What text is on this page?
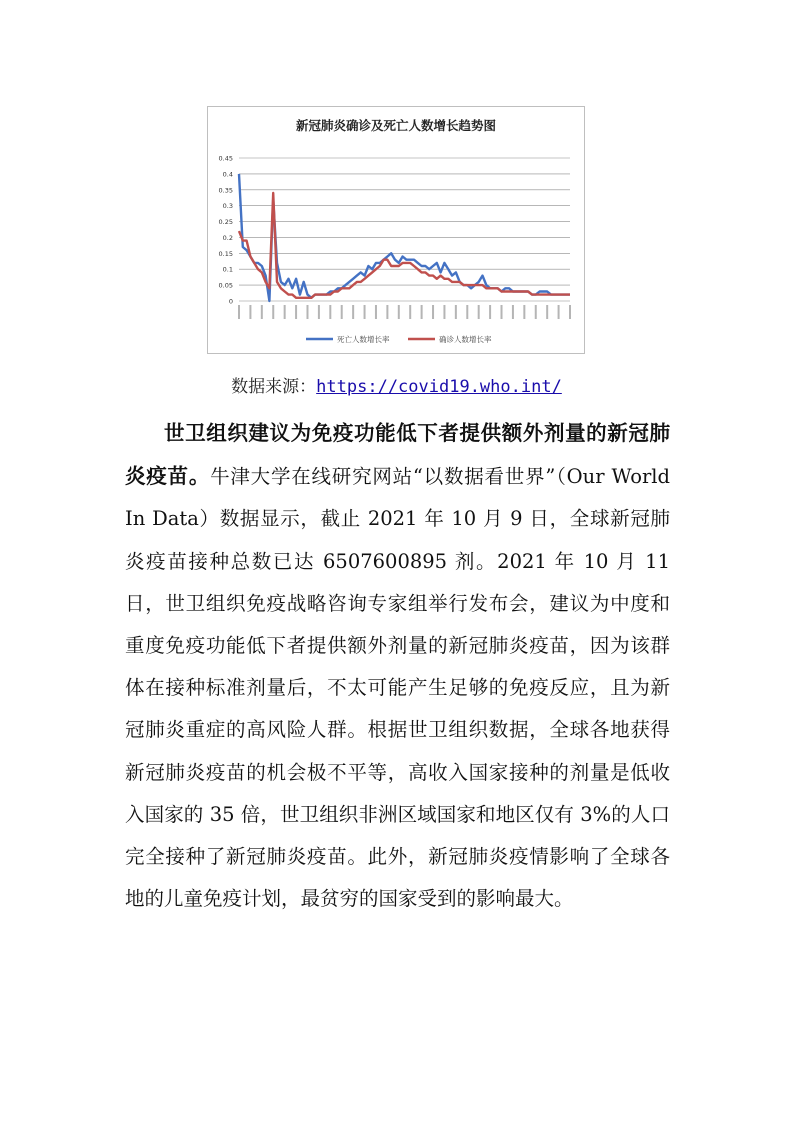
0.45
0.4
0.35
0.3
0.25
0.2
0.15
0.1
0.05
0
新冠肺炎确诊及死亡人数增长趋势图
死亡人数增长率	确诊人数增长率
数据来源：https://covid19.who.int/

世卫组织建议为免疫功能低下者提供额外剂量的新冠肺炎疫苗。牛津大学在线研究网站“以数据看世界”（Our World In Data）数据显示，截止 2021 年 10 月 9 日，全球新冠肺炎疫苗接种总数已达 6507600895 剂。2021 年 10 月 11 日，世卫组织免疫战略咨询专家组举行发布会，建议为中度和重度免疫功能低下者提供额外剂量的新冠肺炎疫苗，因为该群体在接种标准剂量后，不太可能产生足够的免疫反应，且为新冠肺炎重症的高风险人群。根据世卫组织数据，全球各地获得新冠肺炎疫苗的机会极不平等，高收入国家接种的剂量是低收入国家的 35 倍，世卫组织非洲区域国家和地区仅有 3%的人口完全接种了新冠肺炎疫苗。此外，新冠肺炎疫情影响了全球各地的儿童免疫计划，最贫穷的国家受到的影响最大。
